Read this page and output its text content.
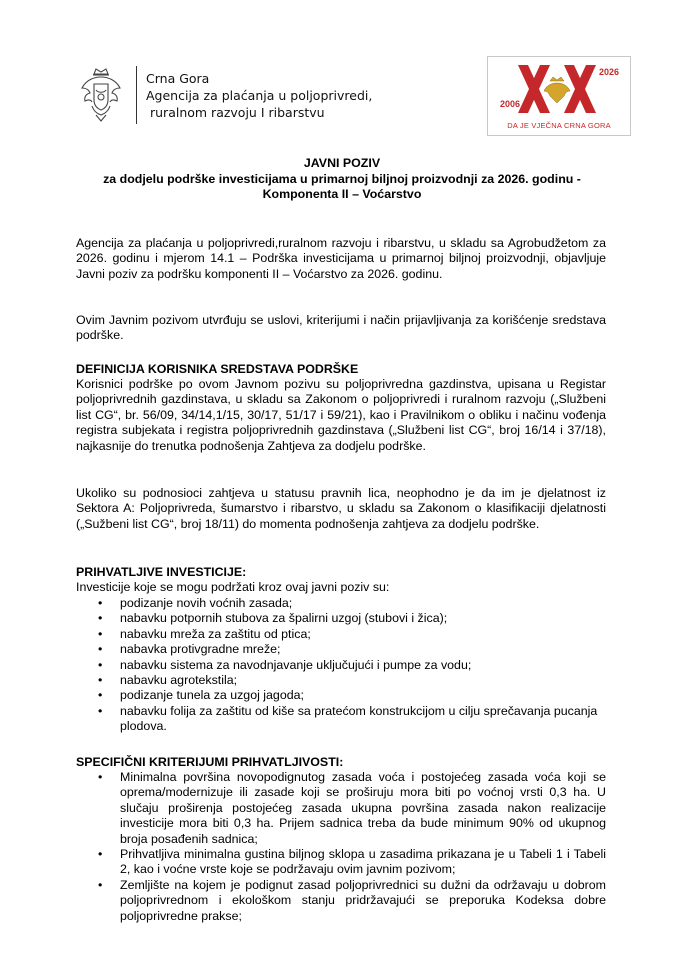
Crna Gora
Agencija za plaćanja u poljoprivredi,
ruralnom razvoju I ribarstvu
2006
2026
DA JE VJEČNA CRNA GORA
JAVNI POZIV
za dodjelu podrške investicijama u primarnoj biljnoj proizvodnji za 2026. godinu -
Komponenta II – Voćarstvo
Agencija za plaćanja u poljoprivredi,ruralnom razvoju i ribarstvu, u skladu sa Agrobudžetom za 2026. godinu i mjerom 14.1 – Podrška investicijama u primarnoj biljnoj proizvodnji, objavljuje Javni poziv za podršku komponenti II – Voćarstvo za 2026. godinu.
Ovim Javnim pozivom utvrđuju se uslovi, kriterijumi i način prijavljivanja za korišćenje sredstava podrške.
DEFINICIJA KORISNIKA SREDSTAVA PODRŠKE
Korisnici podrške po ovom Javnom pozivu su poljoprivredna gazdinstva, upisana u Registar poljoprivrednih gazdinstava, u skladu sa Zakonom o poljoprivredi i ruralnom razvoju („Službeni list CG“, br. 56/09, 34/14,1/15, 30/17, 51/17 i 59/21), kao i Pravilnikom o obliku i načinu vođenja registra subjekata i registra poljoprivrednih gazdinstava („Službeni list CG“, broj 16/14 i 37/18), najkasnije do trenutka podnošenja Zahtjeva za dodjelu podrške.
Ukoliko su podnosioci zahtjeva u statusu pravnih lica, neophodno je da im je djelatnost iz Sektora A: Poljoprivreda, šumarstvo i ribarstvo, u skladu sa Zakonom o klasifikaciji djelatnosti („Sužbeni list CG“, broj 18/11) do momenta podnošenja zahtjeva za dodjelu podrške.
PRIHVATLJIVE INVESTICIJE:
Investicije koje se mogu podržati kroz ovaj javni poziv su:
• podizanje novih voćnih zasada;
• nabavku potpornih stubova za špalirni uzgoj (stubovi i žica);
• nabavku mreža za zaštitu od ptica;
• nabavka protivgradne mreže;
• nabavku sistema za navodnjavanje uključujući i pumpe za vodu;
• nabavku agrotekstila;
• podizanje tunela za uzgoj jagoda;
• nabavku folija za zaštitu od kiše sa pratećom konstrukcijom u cilju sprečavanja pucanja plodova.
SPECIFIČNI KRITERIJUMI PRIHVATLJIVOSTI:
• Minimalna površina novopodignutog zasada voća i postojećeg zasada voća koji se oprema/modernizuje ili zasade koji se proširuju mora biti po voćnoj vrsti 0,3 ha. U slučaju proširenja postojećeg zasada ukupna površina zasada nakon realizacije investicije mora biti 0,3 ha. Prijem sadnica treba da bude minimum 90% od ukupnog broja posađenih sadnica;
• Prihvatljiva minimalna gustina biljnog sklopa u zasadima prikazana je u Tabeli 1 i Tabeli 2, kao i voćne vrste koje se podržavaju ovim javnim pozivom;
• Zemljište na kojem je podignut zasad poljoprivrednici su dužni da održavaju u dobrom poljoprivrednom i ekološkom stanju pridržavajući se preporuka Kodeksa dobre poljoprivredne prakse;
